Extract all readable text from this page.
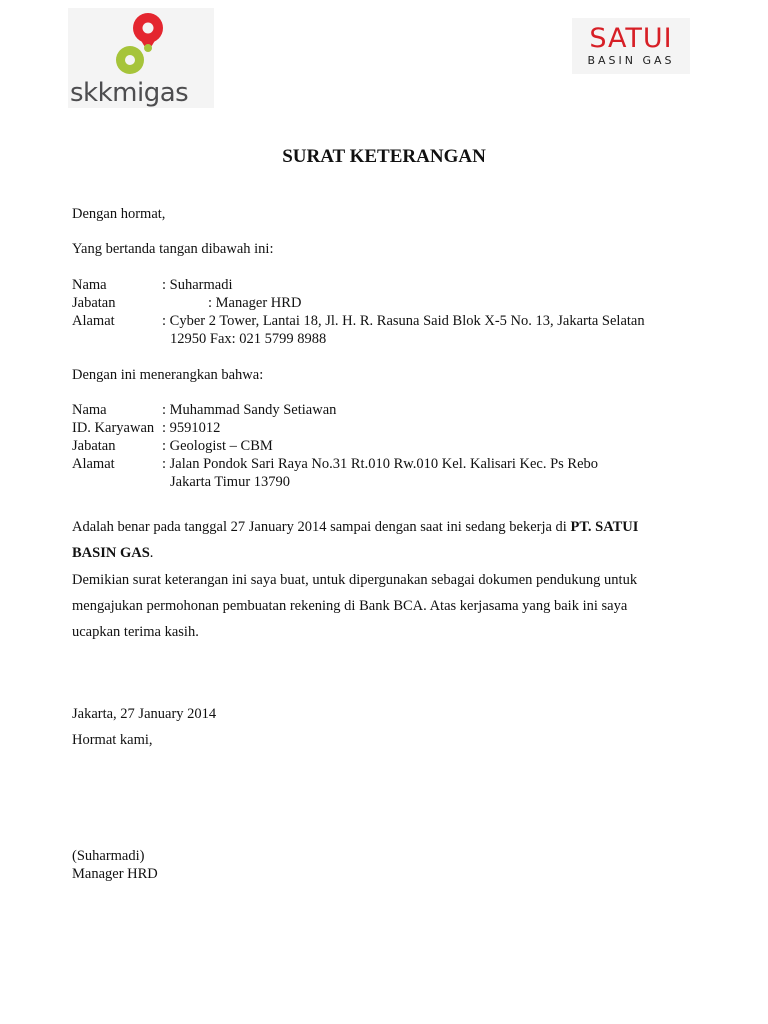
skkmigas
SATUI
BASIN GAS
SURAT KETERANGAN
Dengan hormat,
Yang bertanda tangan dibawah ini:
Nama	: Suharmadi
Jabatan	: Manager HRD
Alamat	: Cyber 2 Tower, Lantai 18, Jl. H. R. Rasuna Said Blok X-5 No. 13, Jakarta Selatan
12950 Fax: 021 5799 8988
Dengan ini menerangkan bahwa:
Nama	: Muhammad Sandy Setiawan
ID. Karyawan : 9591012
Jabatan	: Geologist – CBM
Alamat	: Jalan Pondok Sari Raya No.31 Rt.010 Rw.010 Kel. Kalisari Kec. Ps Rebo
Jakarta Timur 13790
Adalah benar pada tanggal 27 January 2014 sampai dengan saat ini sedang bekerja di PT. SATUI BASIN GAS.
Demikian surat keterangan ini saya buat, untuk dipergunakan sebagai dokumen pendukung untuk mengajukan permohonan pembuatan rekening di Bank BCA. Atas kerjasama yang baik ini saya ucapkan terima kasih.
Jakarta, 27 January 2014
Hormat kami,
(Suharmadi)
Manager HRD
